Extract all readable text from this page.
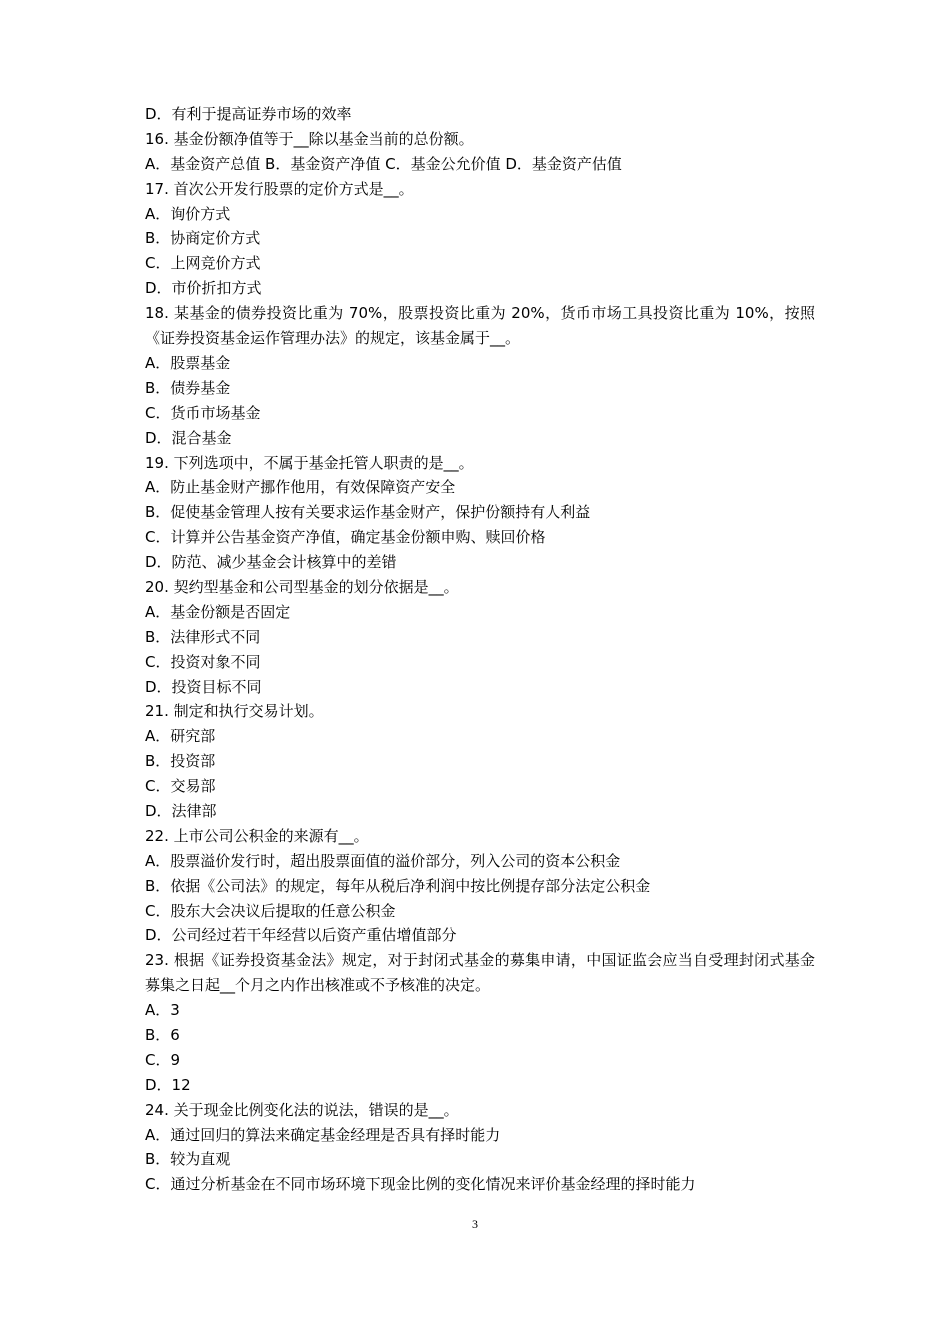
D．有利于提高证券市场的效率
16. 基金份额净值等于__除以基金当前的总份额。
A．基金资产总值 B．基金资产净值 C．基金公允价值 D．基金资产估值
17. 首次公开发行股票的定价方式是__。
A．询价方式
B．协商定价方式
C．上网竞价方式
D．市价折扣方式
18. 某基金的债券投资比重为 70%，股票投资比重为 20%，货币市场工具投资比重为 10%，按照《证券投资基金运作管理办法》的规定，该基金属于__。
A．股票基金
B．债券基金
C．货币市场基金
D．混合基金
19. 下列选项中，不属于基金托管人职责的是__。
A．防止基金财产挪作他用，有效保障资产安全
B．促使基金管理人按有关要求运作基金财产，保护份额持有人利益
C．计算并公告基金资产净值，确定基金份额申购、赎回价格
D．防范、减少基金会计核算中的差错
20. 契约型基金和公司型基金的划分依据是__。
A．基金份额是否固定
B．法律形式不同
C．投资对象不同
D．投资目标不同
21. 制定和执行交易计划。
A．研究部
B．投资部
C．交易部
D．法律部
22. 上市公司公积金的来源有__。
A．股票溢价发行时，超出股票面值的溢价部分，列入公司的资本公积金
B．依据《公司法》的规定，每年从税后净利润中按比例提存部分法定公积金
C．股东大会决议后提取的任意公积金
D．公司经过若干年经营以后资产重估增值部分
23. 根据《证券投资基金法》规定，对于封闭式基金的募集申请，中国证监会应当自受理封闭式基金募集之日起__个月之内作出核准或不予核准的决定。
A．3
B．6
C．9
D．12
24. 关于现金比例变化法的说法，错误的是__。
A．通过回归的算法来确定基金经理是否具有择时能力
B．较为直观
C．通过分析基金在不同市场环境下现金比例的变化情况来评价基金经理的择时能力
3
